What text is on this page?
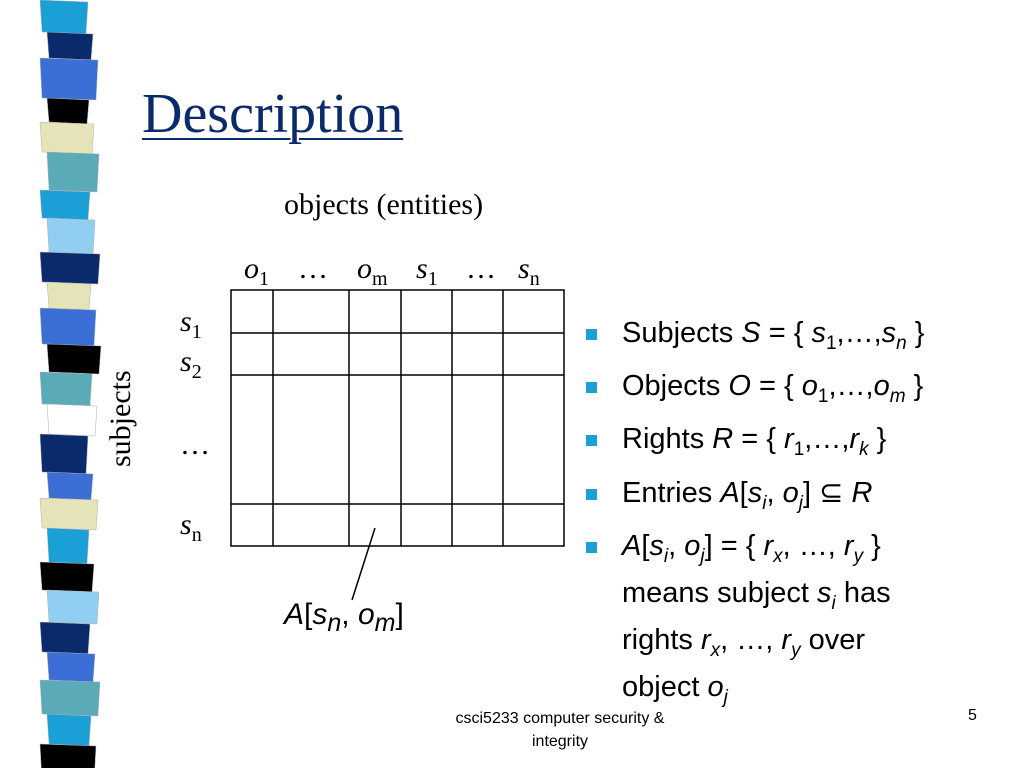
Description
objects (entities)
$o_1$ … $o_m$ $s_1$ … $s_n$
$s_1$
$s_2$
…
$s_n$
subjects
$A[s_n$, $o_m$]
Subjects S = { $s_1,\dots,s_n$ }
Objects O = { $o_1,\dots,o_m$ }
Rights R = { $r_1,\dots,r_k$ }
Entries $A[s_i$, $o_j$] ⊆ R
$A[s_i$, $o_j$] = { $r_x$, …, $r_y$ }
means subject $s_i$ has
rights $r_x$, …, $r_y$ over
object $o_j$
csci5233 computer security &
integrity
5
